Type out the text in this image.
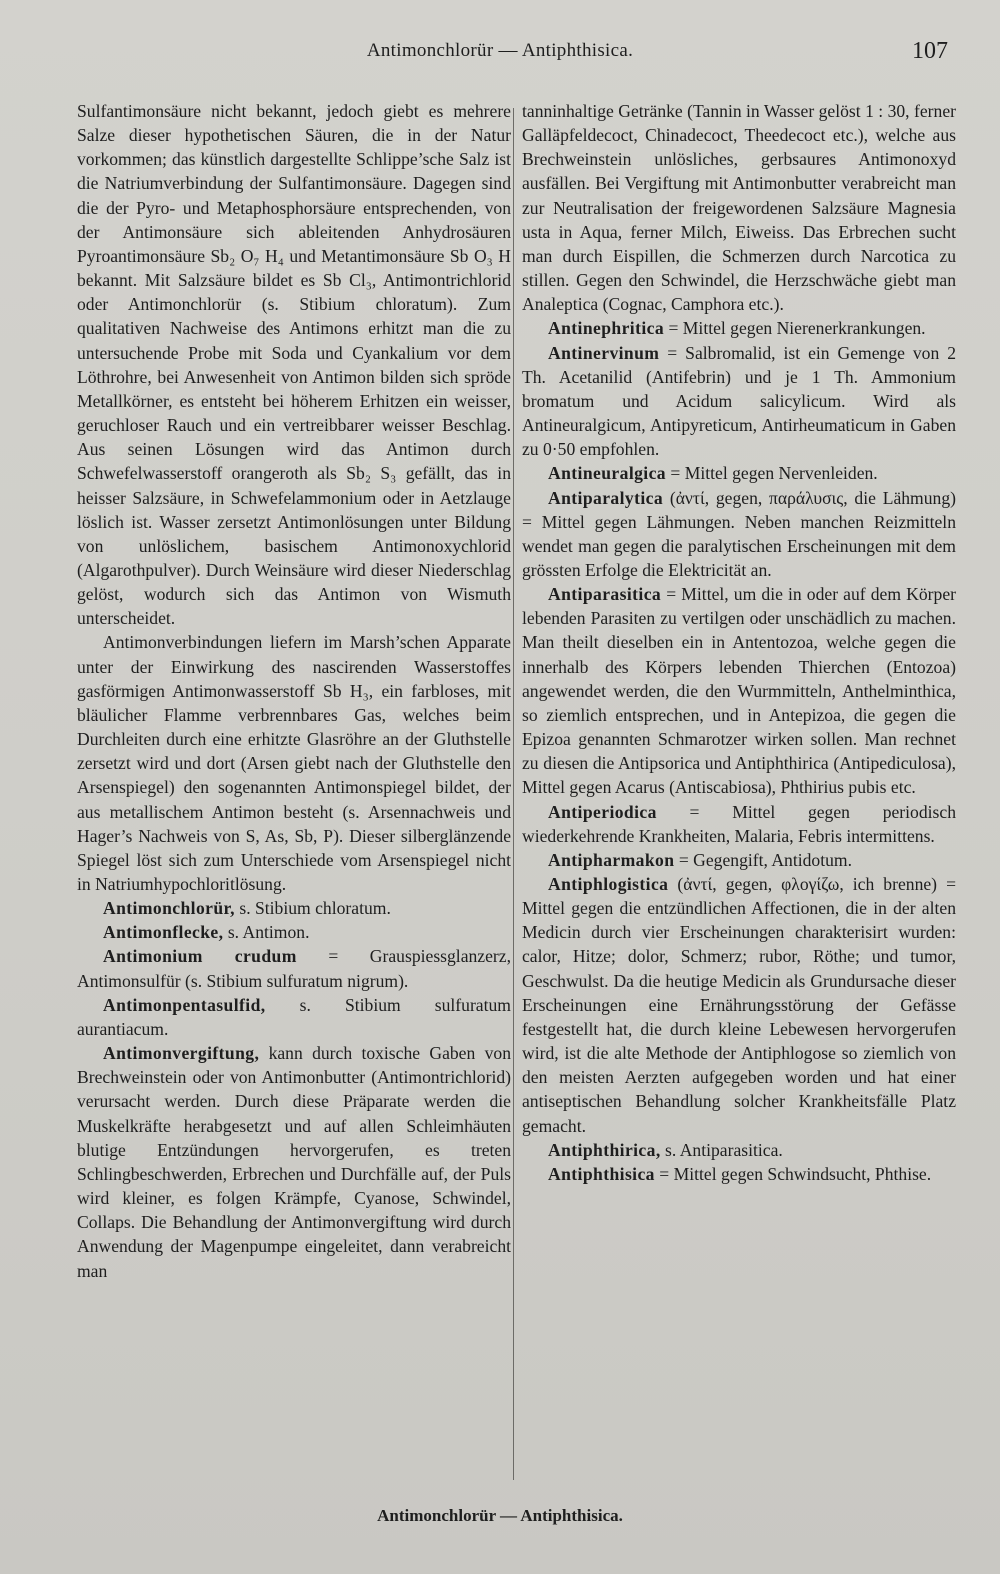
Antimonchlorür — Antiphthisica.	107

Sulfantimonsäure nicht bekannt, jedoch giebt es mehrere Salze dieser hypothetischen Säuren, die in der Natur vorkommen; das künstlich dargestellte Schlippe’sche Salz ist die Natriumverbindung der Sulfantimonsäure. Dagegen sind die der Pyro- und Metaphosphorsäure entsprechenden, von der Antimonsäure sich ableitenden Anhydrosäuren Pyroantimonsäure Sb₂ O₇ H₄ und Metantimonsäure Sb O₃ H bekannt. Mit Salzsäure bildet es Sb Cl₃, Antimontrichlorid oder Antimonchlorür (s. Stibium chloratum). Zum qualitativen Nachweise des Antimons erhitzt man die zu untersuchende Probe mit Soda und Cyankalium vor dem Löthrohre, bei Anwesenheit von Antimon bilden sich spröde Metallkörner, es entsteht bei höherem Erhitzen ein weisser, geruchloser Rauch und ein vertreibbarer weisser Beschlag. Aus seinen Lösungen wird das Antimon durch Schwefelwasserstoff orangeroth als Sb₂ S₃ gefällt, das in heisser Salzsäure, in Schwefelammonium oder in Aetzlauge löslich ist. Wasser zersetzt Antimonlösungen unter Bildung von unlöslichem, basischem Antimonoxychlorid (Algarothpulver). Durch Weinsäure wird dieser Niederschlag gelöst, wodurch sich das Antimon von Wismuth unterscheidet.

Antimonverbindungen liefern im Marsh’schen Apparate unter der Einwirkung des nascirenden Wasserstoffes gasförmigen Antimonwasserstoff Sb H₃, ein farbloses, mit bläulicher Flamme verbrennbares Gas, welches beim Durchleiten durch eine erhitzte Glasröhre an der Gluthstelle zersetzt wird und dort (Arsen giebt nach der Gluthstelle den Arsenspiegel) den sogenannten Antimonspiegel bildet, der aus metallischem Antimon besteht (s. Arsennachweis und Hager’s Nachweis von S, As, Sb, P). Dieser silberglänzende Spiegel löst sich zum Unterschiede vom Arsenspiegel nicht in Natriumhypochloritlösung.

Antimonchlorür, s. Stibium chloratum.

Antimonflecke, s. Antimon.

Antimonium crudum = Grauspiessglanzerz, Antimonsulfür (s. Stibium sulfuratum nigrum).

Antimonpentasulfid, s. Stibium sulfuratum aurantiacum.

Antimonvergiftung, kann durch toxische Gaben von Brechweinstein oder von Antimonbutter (Antimontrichlorid) verursacht werden. Durch diese Präparate werden die Muskelkräfte herabgesetzt und auf allen Schleimhäuten blutige Entzündungen hervorgerufen, es treten Schlingbeschwerden, Erbrechen und Durchfälle auf, der Puls wird kleiner, es folgen Krämpfe, Cyanose, Schwindel, Collaps. Die Behandlung der Antimonvergiftung wird durch Anwendung der Magenpumpe eingeleitet, dann verabreicht man

tanninhaltige Getränke (Tannin in Wasser gelöst 1 : 30, ferner Galläpfeldecoct, Chinadecoct, Theedecoct etc.), welche aus Brechweinstein unlösliches, gerbsaures Antimonoxyd ausfällen. Bei Vergiftung mit Antimonbutter verabreicht man zur Neutralisation der freigewordenen Salzsäure Magnesia usta in Aqua, ferner Milch, Eiweiss. Das Erbrechen sucht man durch Eispillen, die Schmerzen durch Narcotica zu stillen. Gegen den Schwindel, die Herzschwäche giebt man Analeptica (Cognac, Camphora etc.).

Antinephritica = Mittel gegen Nierenerkrankungen.

Antinervinum = Salbromalid, ist ein Gemenge von 2 Th. Acetanilid (Antifebrin) und je 1 Th. Ammonium bromatum und Acidum salicylicum. Wird als Antineuralgicum, Antipyreticum, Antirheumaticum in Gaben zu 0·50 empfohlen.

Antineuralgica = Mittel gegen Nervenleiden.

Antiparalytica (ἀντί, gegen, παράλυσις, die Lähmung) = Mittel gegen Lähmungen. Neben manchen Reizmitteln wendet man gegen die paralytischen Erscheinungen mit dem grössten Erfolge die Elektricität an.

Antiparasitica = Mittel, um die in oder auf dem Körper lebenden Parasiten zu vertilgen oder unschädlich zu machen. Man theilt dieselben ein in Antentozoa, welche gegen die innerhalb des Körpers lebenden Thierchen (Entozoa) angewendet werden, die den Wurmmitteln, Anthelminthica, so ziemlich entsprechen, und in Antepizoa, die gegen die Epizoa genannten Schmarotzer wirken sollen. Man rechnet zu diesen die Antipsorica und Antiphthirica (Antipediculosa), Mittel gegen Acarus (Antiscabiosa), Phthirius pubis etc.

Antiperiodica = Mittel gegen periodisch wiederkehrende Krankheiten, Malaria, Febris intermittens.

Antipharmakon = Gegengift, Antidotum.

Antiphlogistica (ἀντί, gegen, φλογίζω, ich brenne) = Mittel gegen die entzündlichen Affectionen, die in der alten Medicin durch vier Erscheinungen charakterisirt wurden: calor, Hitze; dolor, Schmerz; rubor, Röthe; und tumor, Geschwulst. Da die heutige Medicin als Grundursache dieser Erscheinungen eine Ernährungsstörung der Gefässe festgestellt hat, die durch kleine Lebewesen hervorgerufen wird, ist die alte Methode der Antiphlogose so ziemlich von den meisten Aerzten aufgegeben worden und hat einer antiseptischen Behandlung solcher Krankheitsfälle Platz gemacht.

Antiphthirica, s. Antiparasitica.

Antiphthisica = Mittel gegen Schwindsucht, Phthise.

Antimonchlorür — Antiphthisica.
